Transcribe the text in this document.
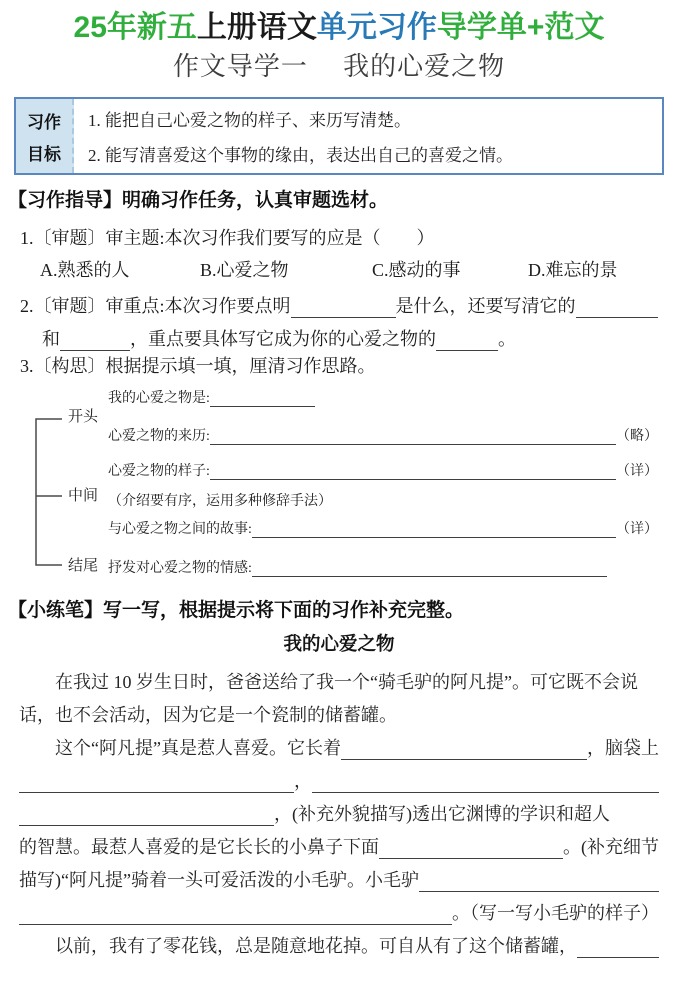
25年新五上册语文单元习作导学单+范文
作文导学一　 我的心爱之物
习作
目标
1. 能把自己心爱之物的样子、来历写清楚。
2. 能写清喜爱这个事物的缘由，表达出自己的喜爱之情。
【习作指导】明确习作任务，认真审题选材。
1.〔审题〕审主题:本次习作我们要写的应是（　　）
A.熟悉的人	B.心爱之物	C.感动的事	D.难忘的景
2.〔审题〕审重点:本次习作要点明	是什么，还要写清它的
和	，重点要具体写它成为你的心爱之物的	。
3.〔构思〕根据提示填一填，厘清习作思路。
开头
中间
结尾
我的心爱之物是:
心爱之物的来历:	（略）
心爱之物的样子:	（详）
（介绍要有序，运用多种修辞手法）
与心爱之物之间的故事:	（详）
抒发对心爱之物的情感:
【小练笔】写一写，根据提示将下面的习作补充完整。
我的心爱之物
在我过 10 岁生日时，爸爸送给了我一个“骑毛驴的阿凡提”。可它既不会说
话，也不会活动，因为它是一个瓷制的储蓄罐。
这个“阿凡提”真是惹人喜爱。它长着	，脑袋上
，
，(补充外貌描写)透出它渊博的学识和超人
的智慧。最惹人喜爱的是它长长的小鼻子下面	。(补充细节
描写)“阿凡提”骑着一头可爱活泼的小毛驴。小毛驴
。（写一写小毛驴的样子）
以前，我有了零花钱，总是随意地花掉。可自从有了这个储蓄罐，
